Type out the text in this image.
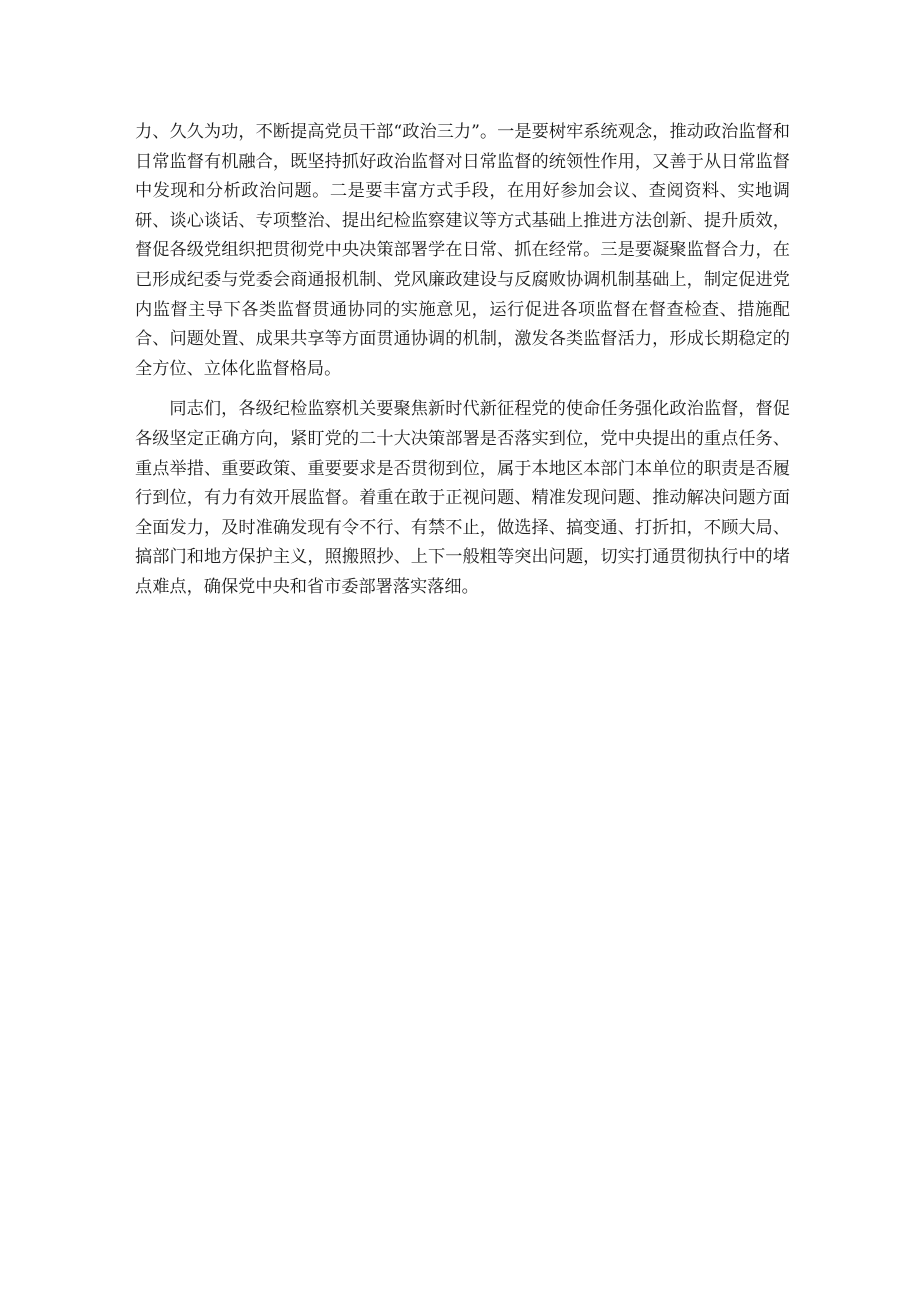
力、久久为功，不断提高党员干部“政治三力”。一是要树牢系统观念，推动政治监督和日常监督有机融合，既坚持抓好政治监督对日常监督的统领性作用，又善于从日常监督中发现和分析政治问题。二是要丰富方式手段，在用好参加会议、查阅资料、实地调研、谈心谈话、专项整治、提出纪检监察建议等方式基础上推进方法创新、提升质效，督促各级党组织把贯彻党中央决策部署学在日常、抓在经常。三是要凝聚监督合力，在已形成纪委与党委会商通报机制、党风廉政建设与反腐败协调机制基础上，制定促进党内监督主导下各类监督贯通协同的实施意见，运行促进各项监督在督查检查、措施配合、问题处置、成果共享等方面贯通协调的机制，激发各类监督活力，形成长期稳定的全方位、立体化监督格局。

同志们，各级纪检监察机关要聚焦新时代新征程党的使命任务强化政治监督，督促各级坚定正确方向，紧盯党的二十大决策部署是否落实到位，党中央提出的重点任务、重点举措、重要政策、重要要求是否贯彻到位，属于本地区本部门本单位的职责是否履行到位，有力有效开展监督。着重在敢于正视问题、精准发现问题、推动解决问题方面全面发力，及时准确发现有令不行、有禁不止，做选择、搞变通、打折扣，不顾大局、搞部门和地方保护主义，照搬照抄、上下一般粗等突出问题，切实打通贯彻执行中的堵点难点，确保党中央和省市委部署落实落细。
